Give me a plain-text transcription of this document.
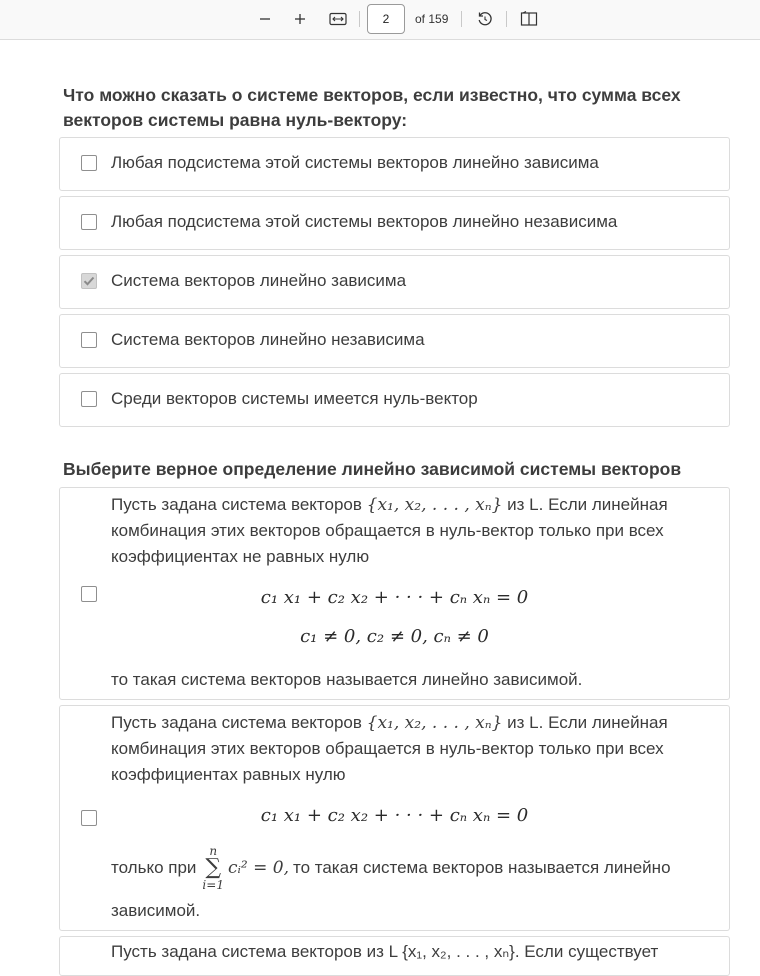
2	of 159
Что можно сказать о системе векторов, если известно, что сумма всех
векторов системы равна нуль-вектору:
Любая подсистема этой системы векторов линейно зависима
Любая подсистема этой системы векторов линейно независима
Система векторов линейно зависима
Система векторов линейно независима
Среди векторов системы имеется нуль-вектор
Выберите верное определение линейно зависимой системы векторов
Пусть задана система векторов {x₁, x₂, . . . , xₙ} из L. Если линейная
комбинация этих векторов обращается в нуль-вектор только при всех
коэффициентах не равных нулю
c₁ x₁ + c₂ x₂ + · · · + cₙ xₙ = 0
c₁ ≠ 0, c₂ ≠ 0, cₙ ≠ 0
то такая система векторов называется линейно зависимой.
Пусть задана система векторов {x₁, x₂, . . . , xₙ} из L. Если линейная
комбинация этих векторов обращается в нуль-вектор только при всех
коэффициентах равных нулю
c₁ x₁ + c₂ x₂ + · · · + cₙ xₙ = 0
только при
n
∑
i=1
cᵢ² = 0, то такая система векторов называется линейно
зависимой.
Пусть задана система векторов из L {x₁, x₂, . . . , xₙ}. Если существует
